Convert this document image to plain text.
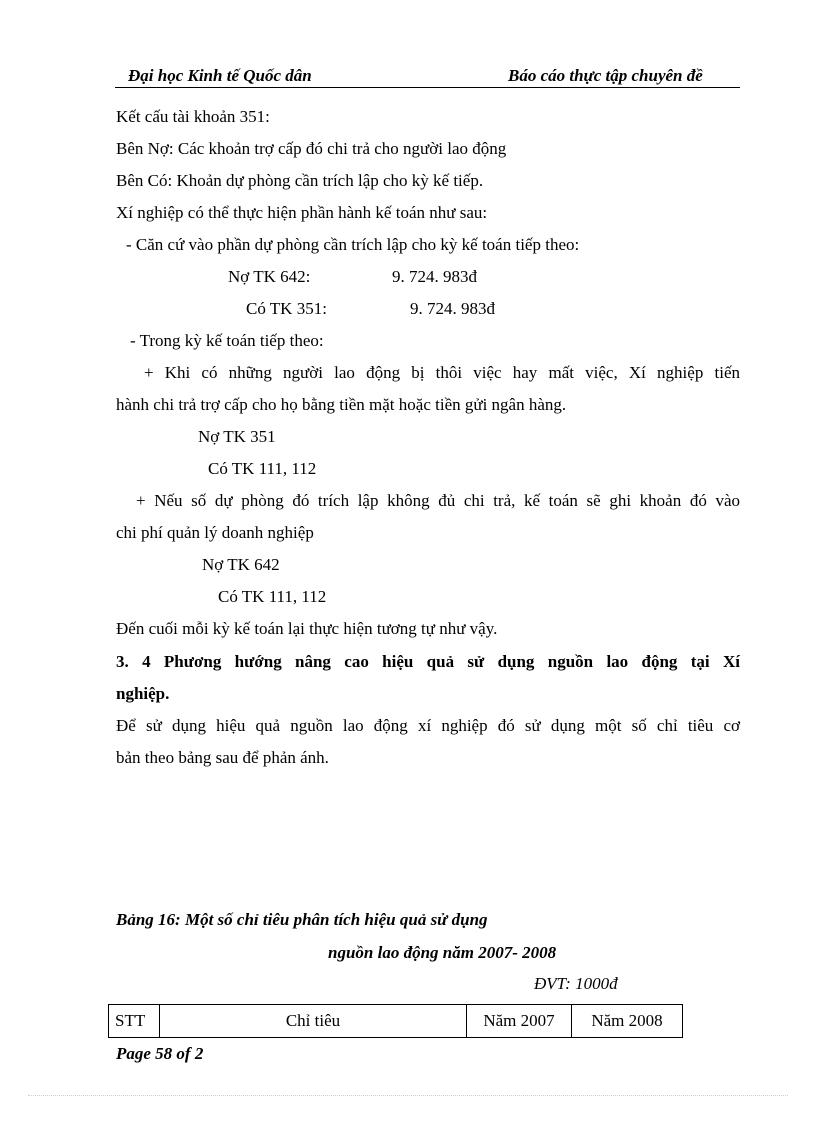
Đại học Kinh tế Quốc dân	Báo cáo thực tập chuyên đề
Kết cấu tài khoản 351:
Bên Nợ: Các khoản trợ cấp đó chi trả cho người lao động
Bên Có: Khoản dự phòng cần trích lập cho kỳ kế tiếp.
Xí nghiệp có thể thực hiện phần hành kế toán như sau:
- Căn cứ vào phần dự phòng cần trích lập cho kỳ kế toán tiếp theo:
Nợ TK 642:	9. 724. 983đ
Có TK 351:	9. 724. 983đ
- Trong kỳ kế toán tiếp theo:
+ Khi có những người lao động bị thôi việc hay mất việc, Xí nghiệp tiến
hành chi trả trợ cấp cho họ bằng tiền mặt hoặc tiền gửi ngân hàng.
Nợ TK 351
Có TK 111, 112
+ Nếu số dự phòng đó trích lập không đủ chi trả, kế toán sẽ ghi khoản đó vào
chi phí quản lý doanh nghiệp
Nợ TK 642
Có TK 111, 112
Đến cuối mỗi kỳ kế toán lại thực hiện tương tự như vậy.
3. 4 Phương hướng nâng cao hiệu quả sử dụng nguồn lao động tại Xí
nghiệp.
Để sử dụng hiệu quả nguồn lao động xí nghiệp đó sử dụng một số chỉ tiêu cơ
bản theo bảng sau để phản ánh.
Bảng 16: Một số chỉ tiêu phân tích hiệu quả sử dụng
nguồn lao động năm 2007- 2008
ĐVT: 1000đ
STT	Chỉ tiêu	Năm 2007	Năm 2008
Page 58 of 2
